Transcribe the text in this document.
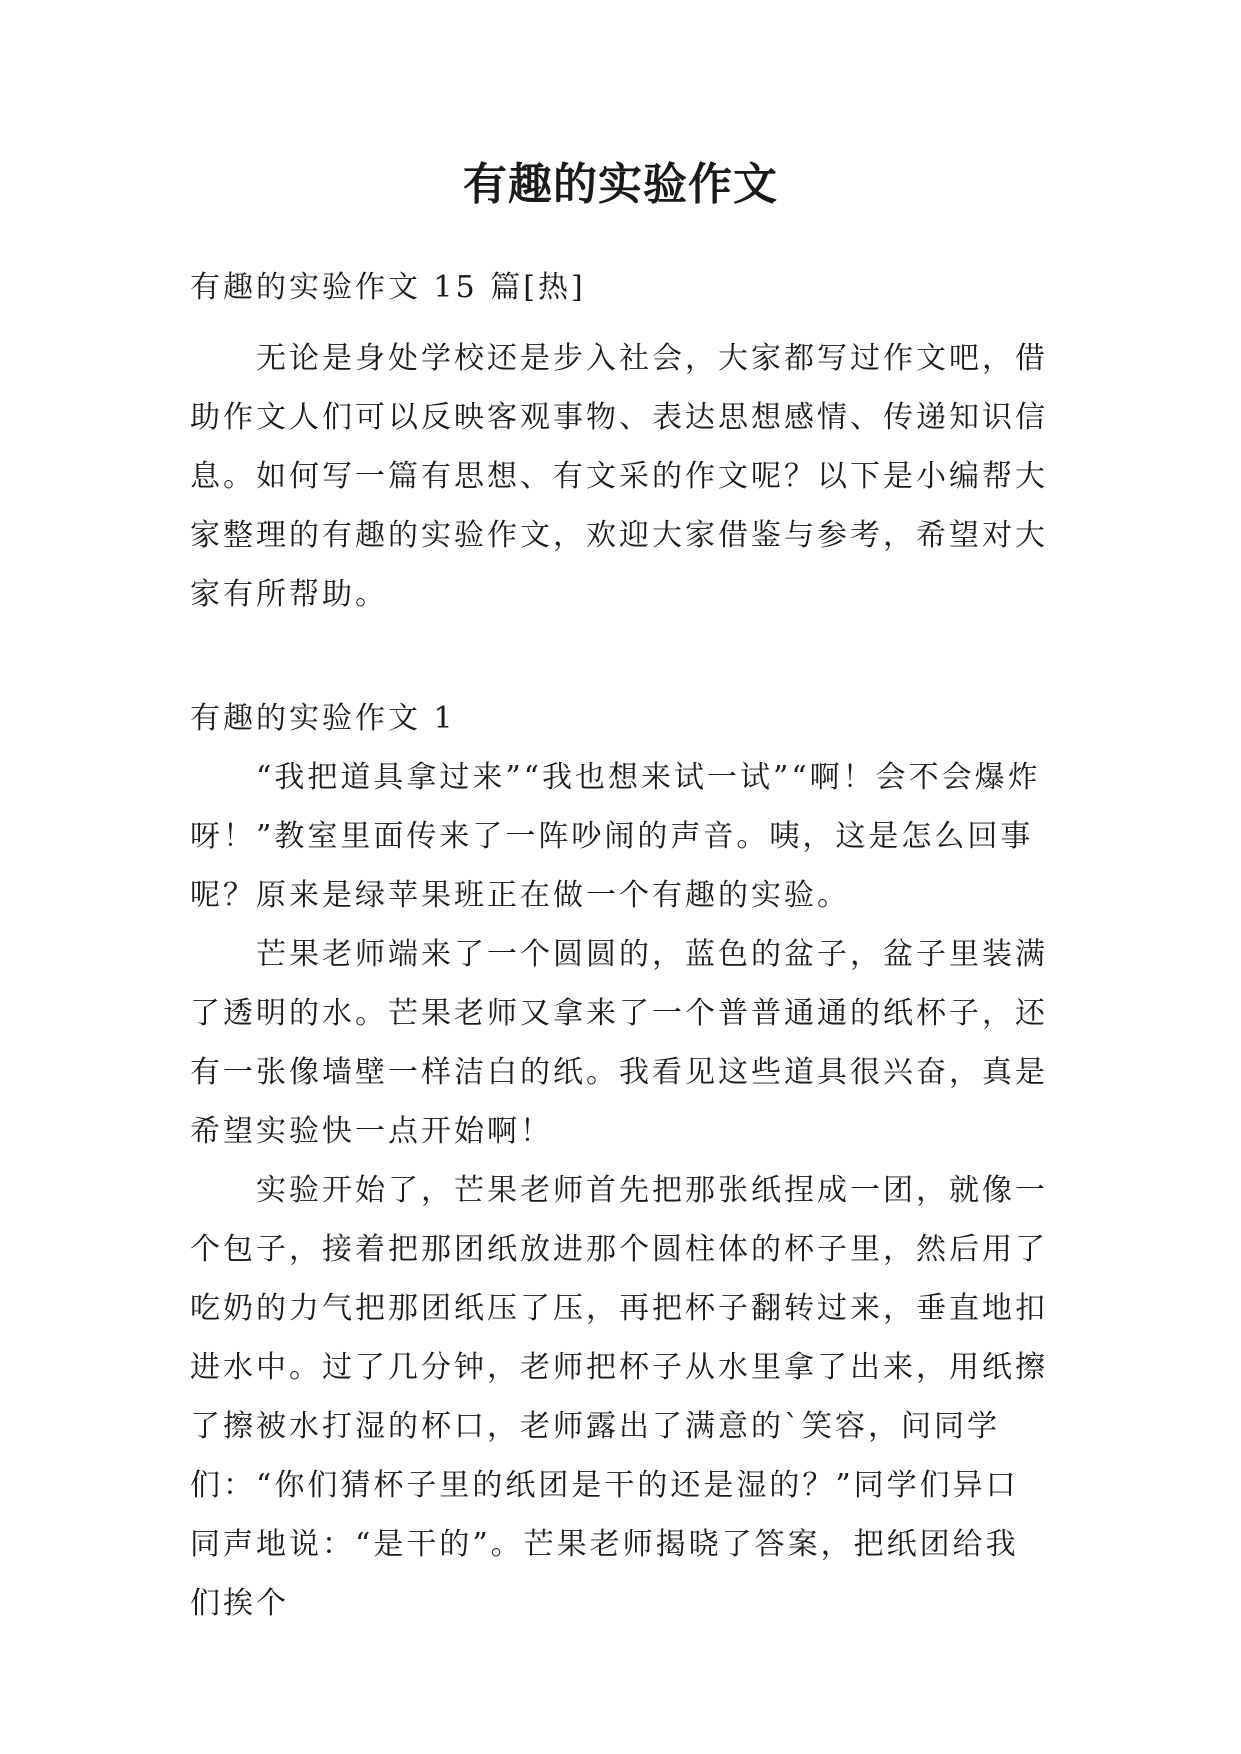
有趣的实验作文

有趣的实验作文 15 篇[热]

无论是身处学校还是步入社会，大家都写过作文吧，借助作文人们可以反映客观事物、表达思想感情、传递知识信息。如何写一篇有思想、有文采的作文呢？以下是小编帮大家整理的有趣的实验作文，欢迎大家借鉴与参考，希望对大家有所帮助。

有趣的实验作文 1

“我把道具拿过来”“我也想来试一试”“啊！会不会爆炸呀！”教室里面传来了一阵吵闹的声音。咦，这是怎么回事呢？原来是绿苹果班正在做一个有趣的实验。

芒果老师端来了一个圆圆的，蓝色的盆子，盆子里装满了透明的水。芒果老师又拿来了一个普普通通的纸杯子，还有一张像墙壁一样洁白的纸。我看见这些道具很兴奋，真是希望实验快一点开始啊！

实验开始了，芒果老师首先把那张纸捏成一团，就像一个包子，接着把那团纸放进那个圆柱体的杯子里，然后用了吃奶的力气把那团纸压了压，再把杯子翻转过来，垂直地扣进水中。过了几分钟，老师把杯子从水里拿了出来，用纸擦了擦被水打湿的杯口，老师露出了满意的`笑容，问同学们：“你们猜杯子里的纸团是干的还是湿的？”同学们异口同声地说：“是干的”。芒果老师揭晓了答案，把纸团给我们挨个
